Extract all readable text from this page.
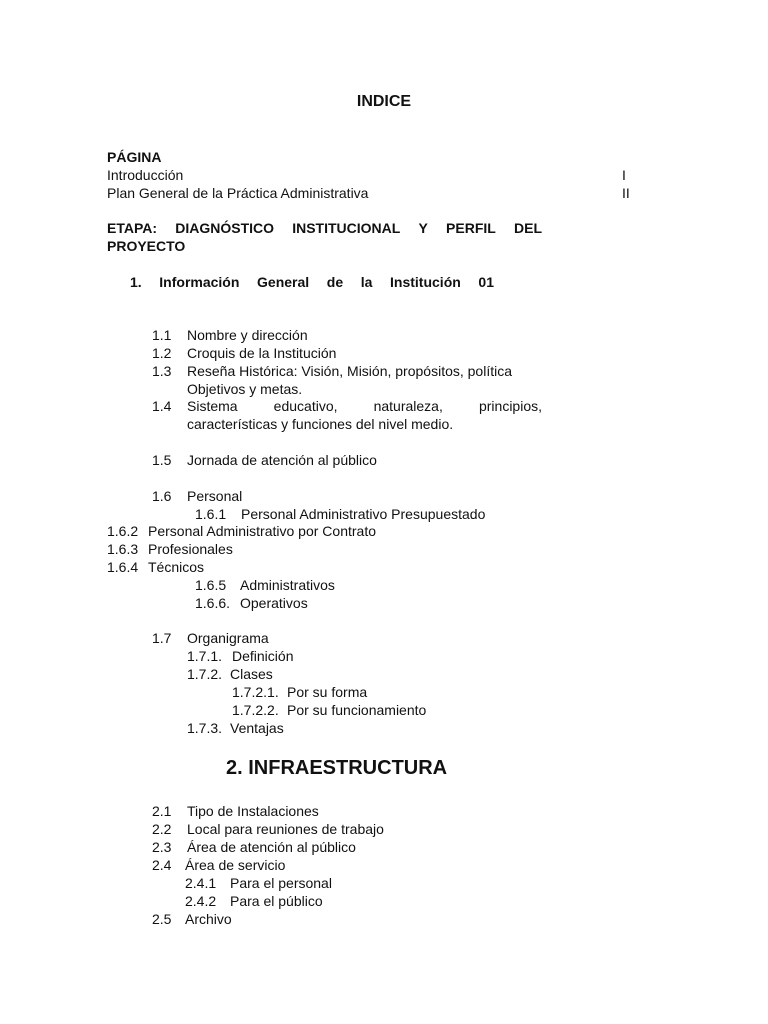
INDICE
PÁGINA
Introducción	I
Plan General de la Práctica Administrativa	II
ETAPA: DIAGNÓSTICO INSTITUCIONAL Y PERFIL DEL
PROYECTO
1. Información General de la Institución 01
1.1 Nombre y dirección
1.2 Croquis de la Institución
1.3 Reseña Histórica: Visión, Misión, propósitos, política
Objetivos y metas.
1.4 Sistema	educativo,	naturaleza,	principios,
características y funciones del nivel medio.
1.5 Jornada de atención al público
1.6 Personal
1.6.1 Personal Administrativo Presupuestado
1.6.2 Personal Administrativo por Contrato
1.6.3 Profesionales
1.6.4 Técnicos
1.6.5 Administrativos
1.6.6. Operativos
1.7 Organigrama
1.7.1. Definición
1.7.2. Clases
1.7.2.1. Por su forma
1.7.2.2. Por su funcionamiento
1.7.3. Ventajas
2. INFRAESTRUCTURA
2.1 Tipo de Instalaciones
2.2 Local para reuniones de trabajo
2.3 Área de atención al público
2.4 Área de servicio
2.4.1 Para el personal
2.4.2 Para el público
2.5 Archivo
